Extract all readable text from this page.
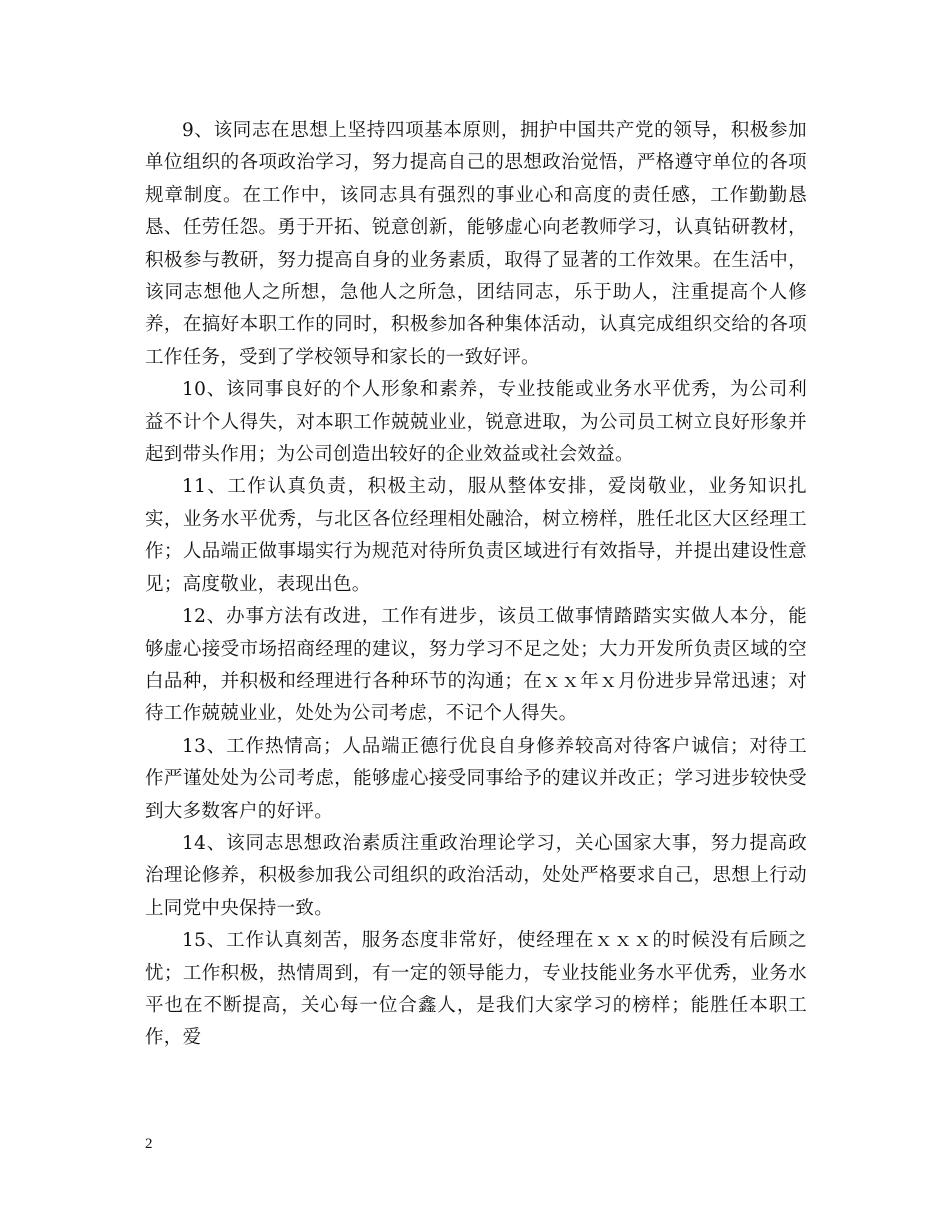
9、该同志在思想上坚持四项基本原则，拥护中国共产党的领导，积极参加单位组织的各项政治学习，努力提高自己的思想政治觉悟，严格遵守单位的各项规章制度。在工作中，该同志具有强烈的事业心和高度的责任感，工作勤勤恳恳、任劳任怨。勇于开拓、锐意创新，能够虚心向老教师学习，认真钻研教材，积极参与教研，努力提高自身的业务素质，取得了显著的工作效果。在生活中，该同志想他人之所想，急他人之所急，团结同志，乐于助人，注重提高个人修养，在搞好本职工作的同时，积极参加各种集体活动，认真完成组织交给的各项工作任务，受到了学校领导和家长的一致好评。

10、该同事良好的个人形象和素养，专业技能或业务水平优秀，为公司利益不计个人得失，对本职工作兢兢业业，锐意进取，为公司员工树立良好形象并起到带头作用；为公司创造出较好的企业效益或社会效益。

11、工作认真负责，积极主动，服从整体安排，爱岗敬业，业务知识扎实，业务水平优秀，与北区各位经理相处融洽，树立榜样，胜任北区大区经理工作；人品端正做事塌实行为规范对待所负责区域进行有效指导，并提出建设性意见；高度敬业，表现出色。

12、办事方法有改进，工作有进步，该员工做事情踏踏实实做人本分，能够虚心接受市场招商经理的建议，努力学习不足之处；大力开发所负责区域的空白品种，并积极和经理进行各种环节的沟通；在ｘｘ年ｘ月份进步异常迅速；对待工作兢兢业业，处处为公司考虑，不记个人得失。

13、工作热情高；人品端正德行优良自身修养较高对待客户诚信；对待工作严谨处处为公司考虑，能够虚心接受同事给予的建议并改正；学习进步较快受到大多数客户的好评。

14、该同志思想政治素质注重政治理论学习，关心国家大事，努力提高政治理论修养，积极参加我公司组织的政治活动，处处严格要求自己，思想上行动上同党中央保持一致。

15、工作认真刻苦，服务态度非常好，使经理在ｘｘｘ的时候没有后顾之忧；工作积极，热情周到，有一定的领导能力，专业技能业务水平优秀，业务水平也在不断提高，关心每一位合鑫人，是我们大家学习的榜样；能胜任本职工作，爱

2
